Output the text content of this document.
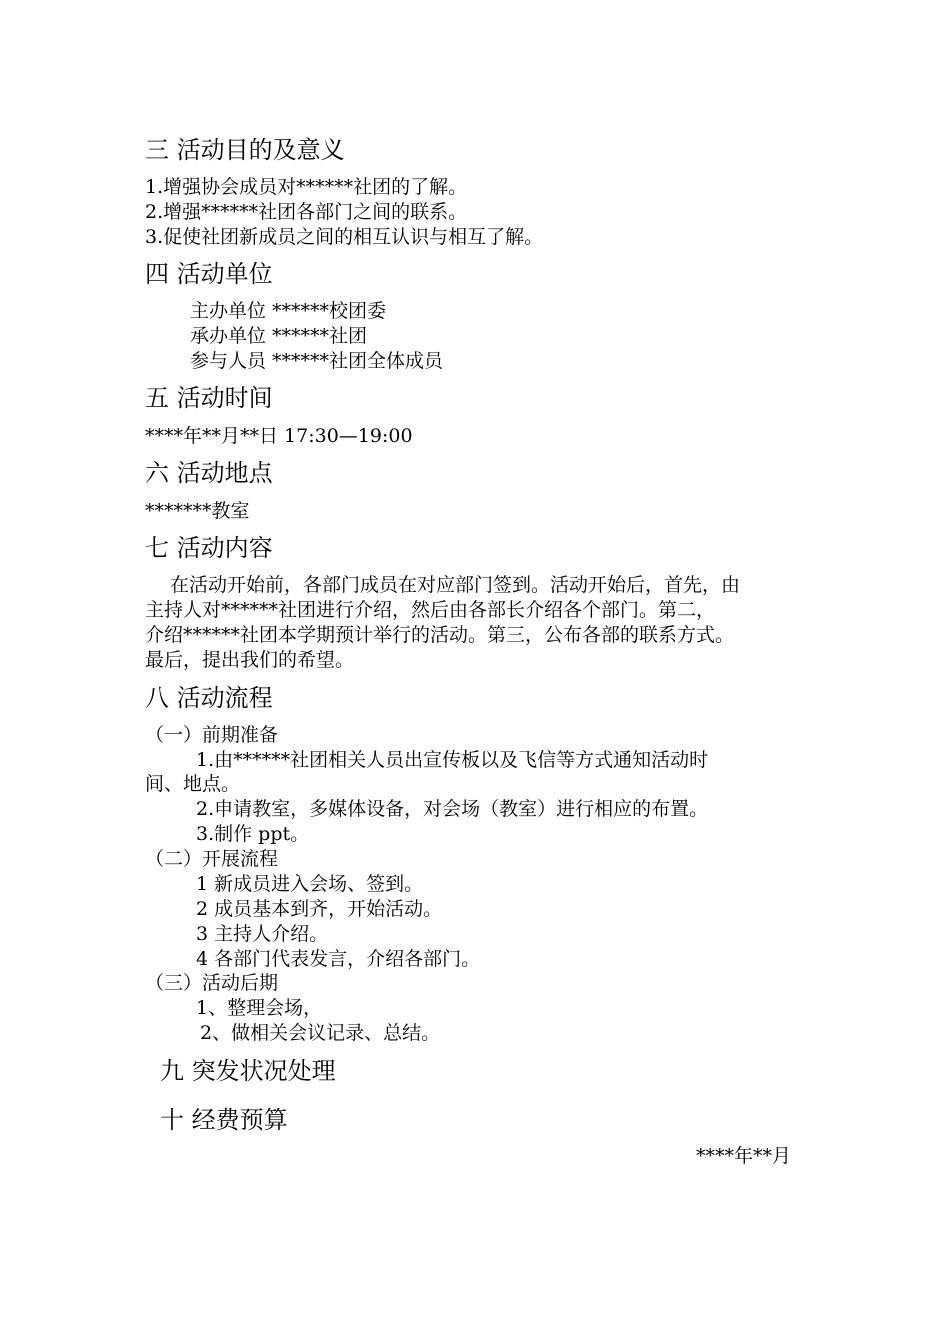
三 活动目的及意义
1.增强协会成员对******社团的了解。
2.增强******社团各部门之间的联系。
3.促使社团新成员之间的相互认识与相互了解。
四 活动单位
主办单位 ******校团委
承办单位 ******社团
参与人员 ******社团全体成员
五 活动时间
****年**月**日 17:30—19:00
六 活动地点
*******教室
七 活动内容
在活动开始前，各部门成员在对应部门签到。活动开始后，首先，由
主持人对******社团进行介绍，然后由各部长介绍各个部门。第二，
介绍******社团本学期预计举行的活动。第三，公布各部的联系方式。
最后，提出我们的希望。
八 活动流程
（一）前期准备
1.由******社团相关人员出宣传板以及飞信等方式通知活动时
间、地点。
2.申请教室，多媒体设备，对会场（教室）进行相应的布置。
3.制作 ppt。
（二）开展流程
1 新成员进入会场、签到。
2 成员基本到齐，开始活动。
3 主持人介绍。
4 各部门代表发言，介绍各部门。
（三）活动后期
1、整理会场，
2、做相关会议记录、总结。
九 突发状况处理
十 经费预算
****年**月
